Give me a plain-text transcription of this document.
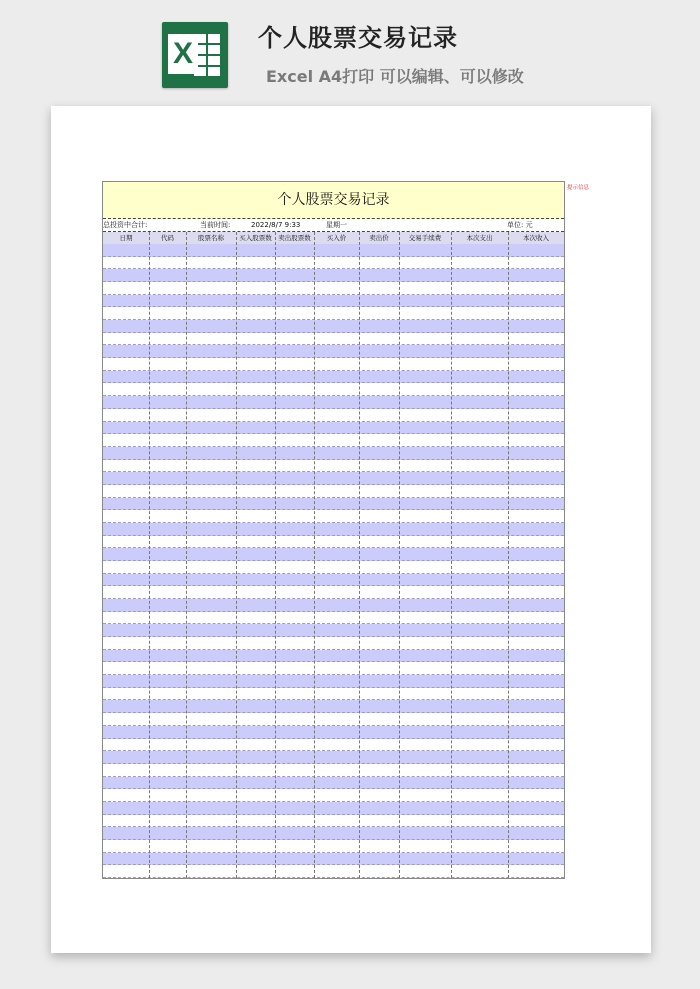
X	个人股票交易记录
Excel A4打印 可以编辑、可以修改
提示信息
个人股票交易记录
总投资中合计:	当前时间:	2022/8/7 9:33	星期一	单位: 元
日期	代码	股票名称	买入股票数	卖出股票数	买入价	卖出价	交易手续费	本次支出	本次收入
